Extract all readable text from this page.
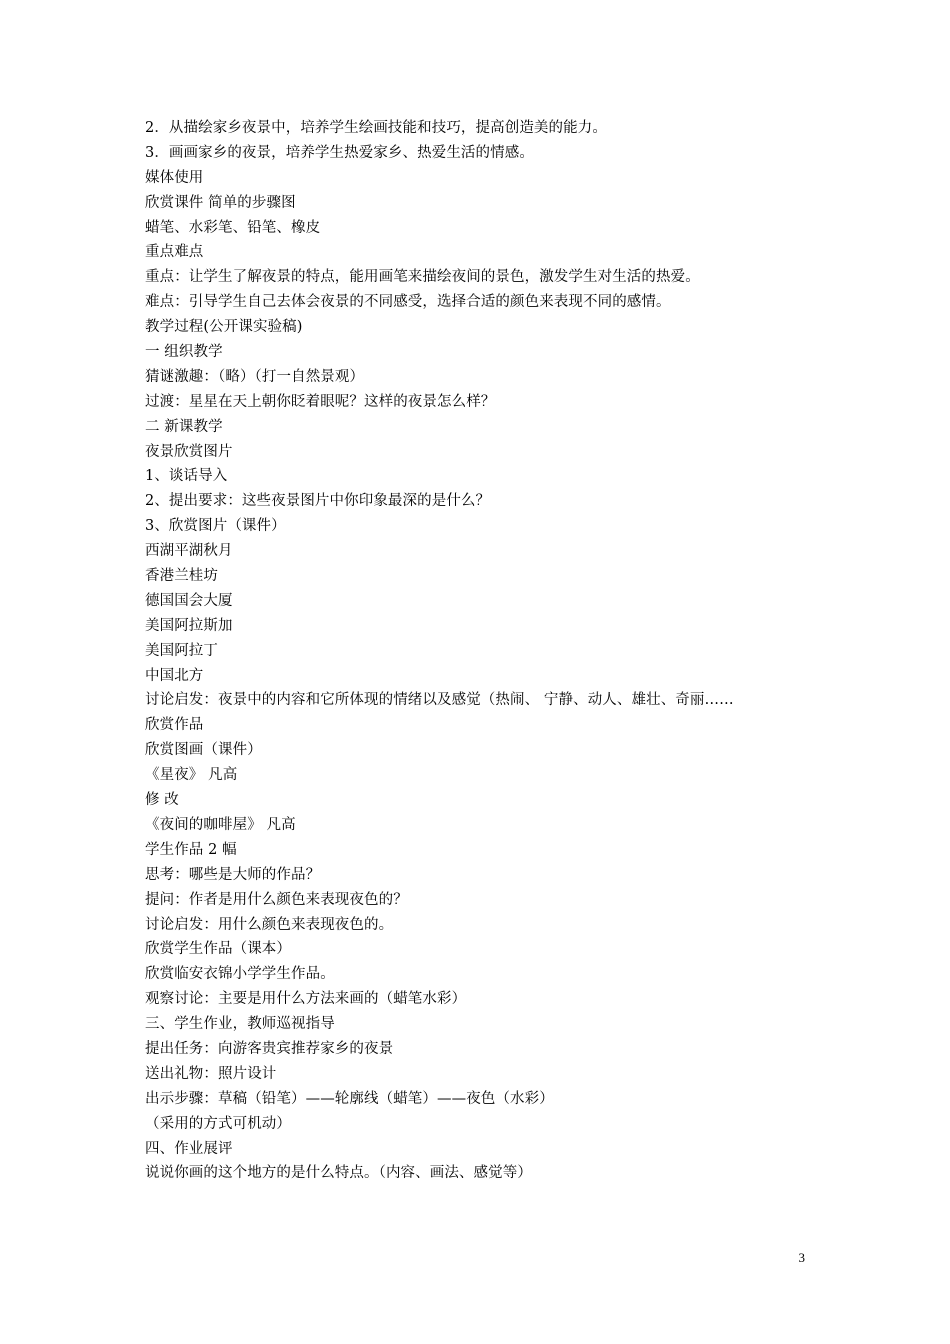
2．从描绘家乡夜景中，培养学生绘画技能和技巧，提高创造美的能力。
3．画画家乡的夜景，培养学生热爱家乡、热爱生活的情感。
媒体使用
欣赏课件 简单的步骤图
蜡笔、水彩笔、铅笔、橡皮
重点难点
重点：让学生了解夜景的特点，能用画笔来描绘夜间的景色，激发学生对生活的热爱。
难点：引导学生自己去体会夜景的不同感受，选择合适的颜色来表现不同的感情。
教学过程(公开课实验稿)
一 组织教学
猜谜激趣：（略）（打一自然景观）
过渡：星星在天上朝你眨着眼呢？这样的夜景怎么样？
二 新课教学
夜景欣赏图片
1、谈话导入
2、提出要求：这些夜景图片中你印象最深的是什么？
3、欣赏图片（课件）
西湖平湖秋月
香港兰桂坊
德国国会大厦
美国阿拉斯加
美国阿拉丁
中国北方
讨论启发：夜景中的内容和它所体现的情绪以及感觉（热闹、 宁静、动人、雄壮、奇丽……
欣赏作品
欣赏图画（课件）
《星夜》 凡高
修 改
《夜间的咖啡屋》 凡高
学生作品 2 幅
思考：哪些是大师的作品？
提问：作者是用什么颜色来表现夜色的？
讨论启发：用什么颜色来表现夜色的。
欣赏学生作品（课本）
欣赏临安衣锦小学学生作品。
观察讨论：主要是用什么方法来画的（蜡笔水彩）
三、学生作业，教师巡视指导
提出任务：向游客贵宾推荐家乡的夜景
送出礼物：照片设计
出示步骤：草稿（铅笔）——轮廓线（蜡笔）——夜色（水彩）
（采用的方式可机动）
四、作业展评
说说你画的这个地方的是什么特点。（内容、画法、感觉等）
3
